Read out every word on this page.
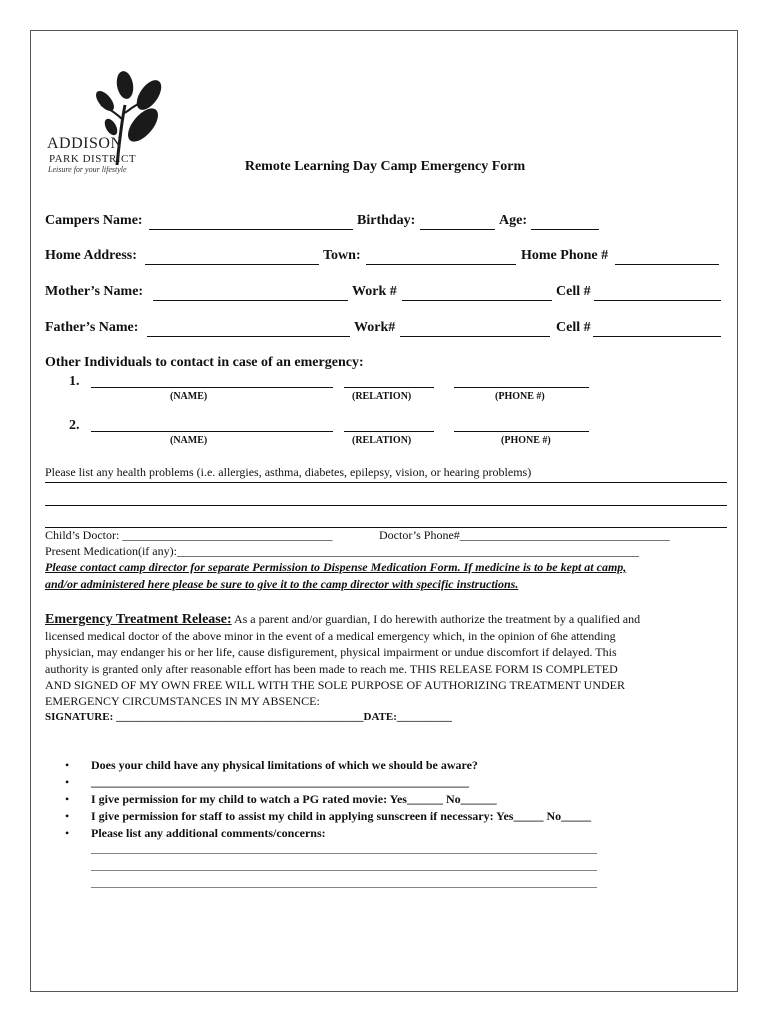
ADDISON
PARK DISTRICT
Leisure for your lifestyle	Remote Learning Day Camp Emergency Form
Campers Name:	Birthday:	Age:
Home Address:	Town:	Home Phone #
Mother’s Name:	Work #	Cell #
Father’s Name:	Work#	Cell #
Other Individuals to contact in case of an emergency:
1.
(NAME)	(RELATION)	(PHONE #)
2.
(NAME)	(RELATION)	(PHONE #)
Please list any health problems (i.e. allergies, asthma, diabetes, epilepsy, vision, or hearing problems)
Child’s Doctor: ___________________________________	Doctor’s Phone#___________________________________
Present Medication(if any):_____________________________________________________________________________
Please contact camp director for separate Permission to Dispense Medication Form. If medicine is to be kept at camp,
and/or administered here please be sure to give it to the camp director with specific instructions.
Emergency Treatment Release: As a parent and/or guardian, I do herewith authorize the treatment by a qualified and
licensed medical doctor of the above minor in the event of a medical emergency which, in the opinion of 6he attending
physician, may endanger his or her life, cause disfigurement, physical impairment or undue discomfort if delayed. This
authority is granted only after reasonable effort has been made to reach me. THIS RELEASE FORM IS COMPLETED
AND SIGNED OF MY OWN FREE WILL WITH THE SOLE PURPOSE OF AUTHORIZING TREATMENT UNDER
EMERGENCY CIRCUMSTANCES IN MY ABSENCE:
SIGNATURE: _____________________________________________DATE:__________
• Does your child have any physical limitations of which we should be aware?
• _______________________________________________________________
• I give permission for my child to watch a PG rated movie: Yes______ No______
• I give permission for staff to assist my child in applying sunscreen if necessary: Yes_____ No_____
• Please list any additional comments/concerns:
____________________________________________________________________________________________
____________________________________________________________________________________________
____________________________________________________________________________________________
